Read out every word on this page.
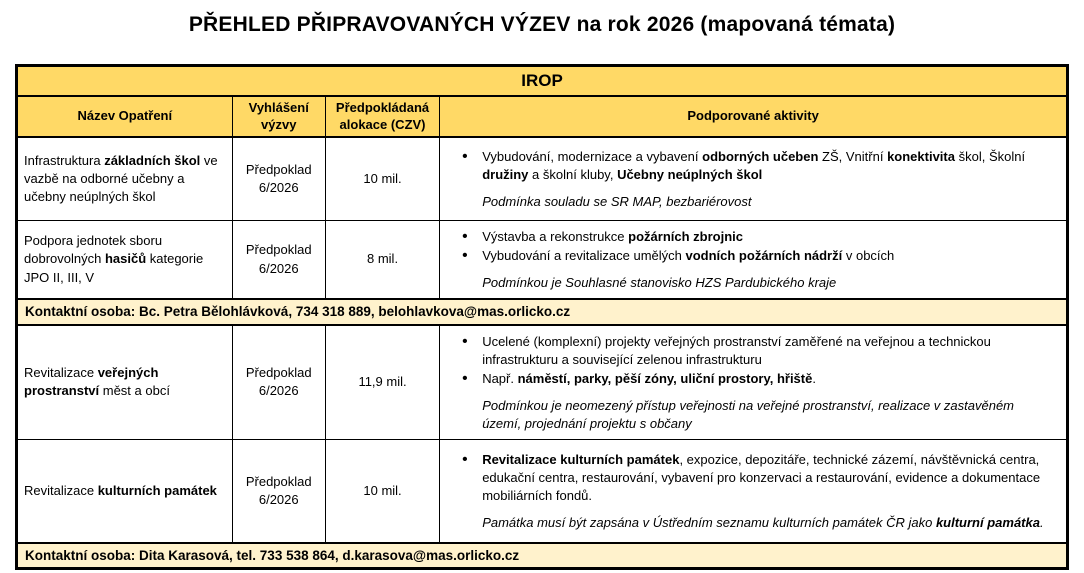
PŘEHLED PŘIPRAVOVANÝCH VÝZEV na rok 2026 (mapovaná témata)
IROP			
Název Opatření	Vyhlášení výzvy	Předpokládaná alokace (CZV)	Podporované aktivity
Infrastruktura základních škol ve vazbě na odborné učebny a učebny neúplných škol	Předpoklad 6/2026	10 mil.	
• Vybudování, modernizace a vybavení odborných učeben ZŠ, Vnitřní konektivita škol, Školní družiny a školní kluby, Učebny neúplných škol

Podmínka souladu se SR MAP, bezbariérovost

Podpora jednotek sboru dobrovolných hasičů kategorie JPO II, III, V	Předpoklad 6/2026	8 mil.	
• Výstavba a rekonstrukce požárních zbrojnic
• Vybudování a revitalizace umělých vodních požárních nádrží v obcích

Podmínkou je Souhlasné stanovisko HZS Pardubického kraje

Kontaktní osoba: Bc. Petra Bělohlávková, 734 318 889, belohlavkova@mas.orlicko.cz			
Revitalizace veřejných prostranství měst a obcí	Předpoklad 6/2026	11,9 mil.	
• Ucelené (komplexní) projekty veřejných prostranství zaměřené na veřejnou a technickou infrastrukturu a související zelenou infrastrukturu
• Např. náměstí, parky, pěší zóny, uliční prostory, hřiště.

Podmínkou je neomezený přístup veřejnosti na veřejné prostranství, realizace v zastavěném území, projednání projektu s občany

Revitalizace kulturních památek	Předpoklad 6/2026	10 mil.	
• Revitalizace kulturních památek, expozice, depozitáře, technické zázemí, návštěvnická centra, edukační centra, restaurování, vybavení pro konzervaci a restaurování, evidence a dokumentace mobiliárních fondů.

Památka musí být zapsána v Ústředním seznamu kulturních památek ČR jako kulturní památka.

Kontaktní osoba: Dita Karasová, tel. 733 538 864, d.karasova@mas.orlicko.cz			
